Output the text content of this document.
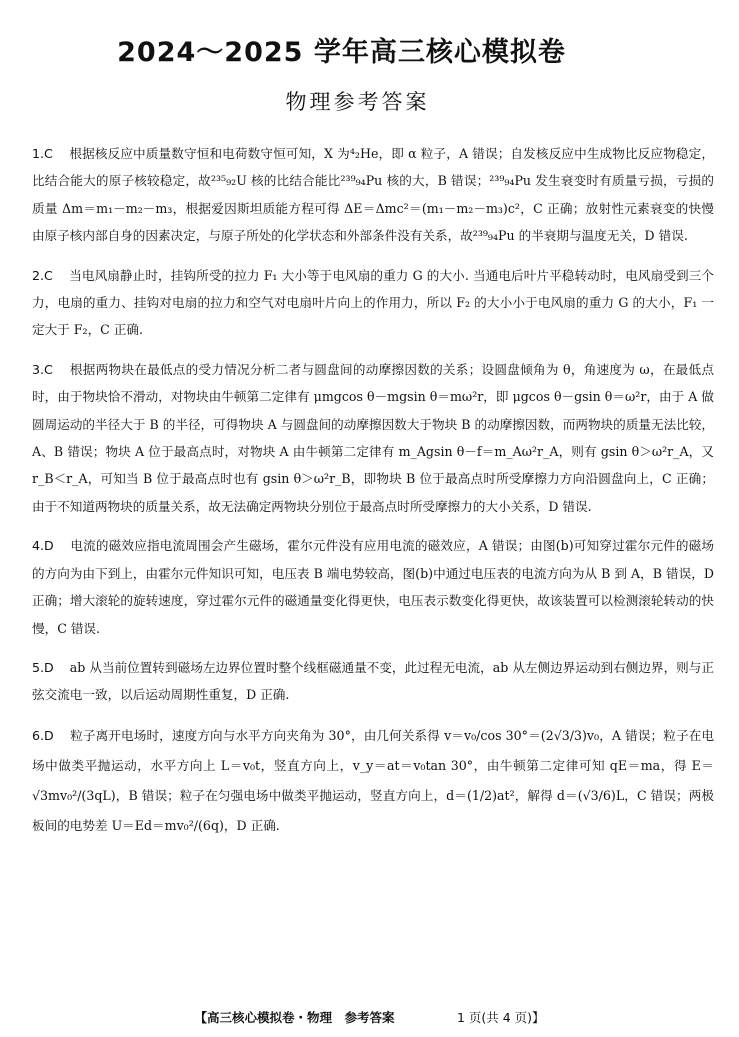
2024～2025 学年高三核心模拟卷
物理参考答案
1.C 根据核反应中质量数守恒和电荷数守恒可知，X 为⁴₂He，即 α 粒子，A 错误；自发核反应中生成物比反应物稳定，比结合能大的原子核较稳定，故²³⁵₉₂U 核的比结合能比²³⁹₉₄Pu 核的大，B 错误；²³⁹₉₄Pu 发生衰变时有质量亏损，亏损的质量 Δm＝m₁－m₂－m₃，根据爱因斯坦质能方程可得 ΔE＝Δmc²＝(m₁－m₂－m₃)c²，C 正确；放射性元素衰变的快慢由原子核内部自身的因素决定，与原子所处的化学状态和外部条件没有关系，故²³⁹₉₄Pu 的半衰期与温度无关，D 错误.
2.C 当电风扇静止时，挂钩所受的拉力 F₁ 大小等于电风扇的重力 G 的大小. 当通电后叶片平稳转动时，电风扇受到三个力，电扇的重力、挂钩对电扇的拉力和空气对电扇叶片向上的作用力，所以 F₂ 的大小小于电风扇的重力 G 的大小，F₁ 一定大于 F₂，C 正确.
3.C 根据两物块在最低点的受力情况分析二者与圆盘间的动摩擦因数的关系；设圆盘倾角为 θ，角速度为 ω，在最低点时，由于物块恰不滑动，对物块由牛顿第二定律有 μmgcos θ－mgsin θ＝mω²r，即 μgcos θ－gsin θ＝ω²r，由于 A 做圆周运动的半径大于 B 的半径，可得物块 A 与圆盘间的动摩擦因数大于物块 B 的动摩擦因数，而两物块的质量无法比较，A、B 错误；物块 A 位于最高点时，对物块 A 由牛顿第二定律有 m_Agsin θ－f＝m_Aω²r_A，则有 gsin θ＞ω²r_A，又 r_B＜r_A，可知当 B 位于最高点时也有 gsin θ＞ω²r_B，即物块 B 位于最高点时所受摩擦力方向沿圆盘向上，C 正确；由于不知道两物块的质量关系，故无法确定两物块分别位于最高点时所受摩擦力的大小关系，D 错误.
4.D 电流的磁效应指电流周围会产生磁场，霍尔元件没有应用电流的磁效应，A 错误；由图(b)可知穿过霍尔元件的磁场的方向为由下到上，由霍尔元件知识可知，电压表 B 端电势较高，图(b)中通过电压表的电流方向为从 B 到 A，B 错误，D 正确；增大滚轮的旋转速度，穿过霍尔元件的磁通量变化得更快，电压表示数变化得更快，故该装置可以检测滚轮转动的快慢，C 错误.
5.D ab 从当前位置转到磁场左边界位置时整个线框磁通量不变，此过程无电流，ab 从左侧边界运动到右侧边界，则与正弦交流电一致，以后运动周期性重复，D 正确.
6.D 粒子离开电场时，速度方向与水平方向夹角为 30°，由几何关系得 v＝v₀/cos 30°＝(2√3/3)v₀，A 错误；粒子在电场中做类平抛运动，水平方向上 L＝v₀t，竖直方向上，v_y＝at＝v₀tan 30°，由牛顿第二定律可知 qE＝ma，得 E＝√3mv₀²/(3qL)，B 错误；粒子在匀强电场中做类平抛运动，竖直方向上，d＝(1/2)at²，解得 d＝(√3/6)L，C 错误；两极板间的电势差 U＝Ed＝mv₀²/(6q)，D 正确.
【高三核心模拟卷・物理　参考答案　　　　　	1 页(共 4 页)】
